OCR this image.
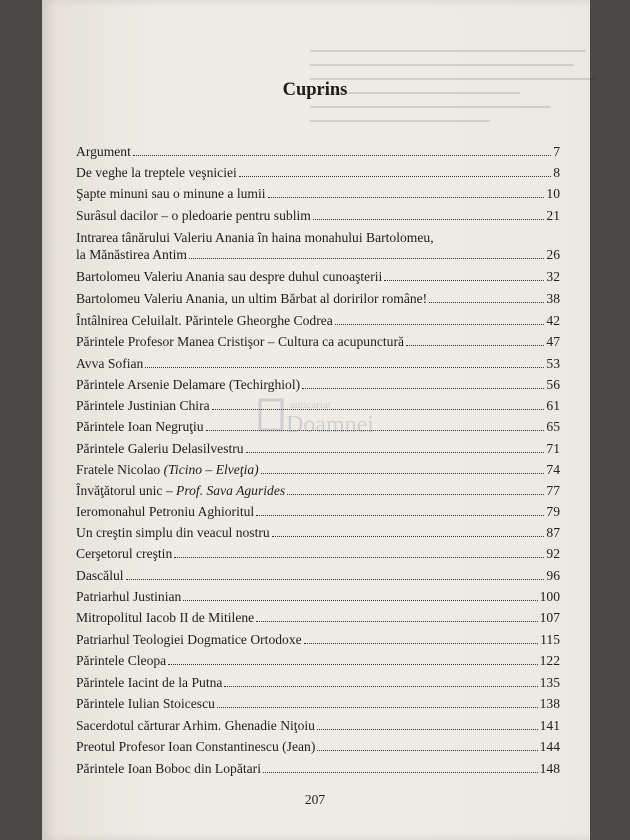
Cuprins
Argument	7
De veghe la treptele veşniciei	8
Şapte minuni sau o minune a lumii	10
Surâsul dacilor – o pledoarie pentru sublim	21
Intrarea tânărului Valeriu Anania în haina monahului Bartolomeu,
la Mănăstirea Antim	26
Bartolomeu Valeriu Anania sau despre duhul cunoaşterii	32
Bartolomeu Valeriu Anania, un ultim Bărbat al doririlor române!	38
Întâlnirea Celuilalt. Părintele Gheorghe Codrea	42
Părintele Profesor Manea Cristişor – Cultura ca acupunctură	47
Avva Sofian	53
Părintele Arsenie Delamare (Techirghiol)	56
Părintele Justinian Chira	61
Părintele Ioan Negruţiu	65
Părintele Galeriu Delasilvestru	71
Fratele Nicolao (Ticino – Elveţia)	74
Învăţătorul unic – Prof. Sava Agurides	77
Ieromonahul Petroniu Aghioritul	79
Un creştin simplu din veacul nostru	87
Cerşetorul creştin	92
Dascălul	96
Patriarhul Justinian	100
Mitropolitul Iacob II de Mitilene	107
Patriarhul Teologiei Dogmatice Ortodoxe	115
Părintele Cleopa	122
Părintele Iacint de la Putna	135
Părintele Iulian Stoicescu	138
Sacerdotul cărturar Arhim. Ghenadie Niţoiu	141
Preotul Profesor Ioan Constantinescu (Jean)	144
Părintele Ioan Boboc din Lopătari	148
anticariat
Doamnei
207
